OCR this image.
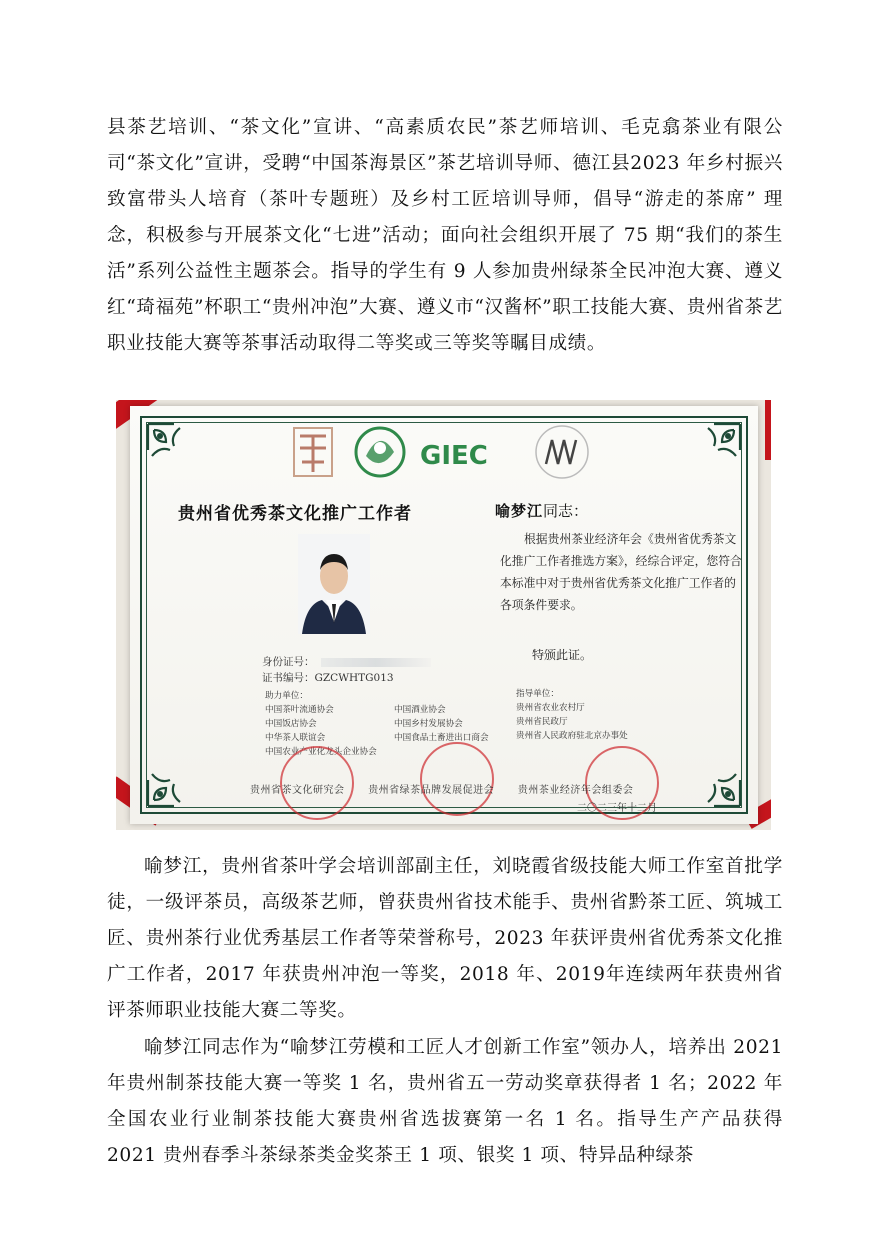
县茶艺培训、“茶文化”宣讲、“高素质农民”茶艺师培训、毛克翕茶业有限公司“茶文化”宣讲，受聘“中国茶海景区”茶艺培训导师、德江县2023 年乡村振兴致富带头人培育（茶叶专题班）及乡村工匠培训导师，倡导“游走的茶席” 理念，积极参与开展茶文化“七进”活动；面向社会组织开展了 75 期“我们的茶生活”系列公益性主题茶会。指导的学生有 9 人参加贵州绿茶全民冲泡大赛、遵义红“琦福苑”杯职工“贵州冲泡”大赛、遵义市“汉酱杯”职工技能大赛、贵州省茶艺职业技能大赛等茶事活动取得二等奖或三等奖等瞩目成绩。

GIEC
贵州省优秀茶文化推广工作者	喻梦江同志：
根据贵州茶业经济年会《贵州省优秀茶文化推广工作者推选方案》，经综合评定，您符合本标准中对于贵州省优秀茶文化推广工作者的各项条件要求。
特颁此证。
身份证号：
证书编号：GZCWHTG013
助力单位：
中国茶叶流通协会
中国饭店协会
中华茶人联谊会
中国农业产业化龙头企业协会
中国酒业协会
中国乡村发展协会
中国食品土畜进出口商会
指导单位：
贵州省农业农村厅
贵州省民政厅
贵州省人民政府驻北京办事处
贵州省茶文化研究会 贵州省绿茶品牌发展促进会 贵州茶业经济年会组委会
二〇二三年十二月

喻梦江，贵州省茶叶学会培训部副主任，刘晓霞省级技能大师工作室首批学徒，一级评茶员，高级茶艺师，曾获贵州省技术能手、贵州省黔茶工匠、筑城工匠、贵州茶行业优秀基层工作者等荣誉称号，2023 年获评贵州省优秀茶文化推广工作者，2017 年获贵州冲泡一等奖，2018 年、2019年连续两年获贵州省评茶师职业技能大赛二等奖。

喻梦江同志作为“喻梦江劳模和工匠人才创新工作室”领办人，培养出 2021 年贵州制茶技能大赛一等奖 1 名，贵州省五一劳动奖章获得者 1 名；2022 年全国农业行业制茶技能大赛贵州省选拔赛第一名 1 名。指导生产产品获得 2021 贵州春季斗茶绿茶类金奖茶王 1 项、银奖 1 项、特异品种绿茶
